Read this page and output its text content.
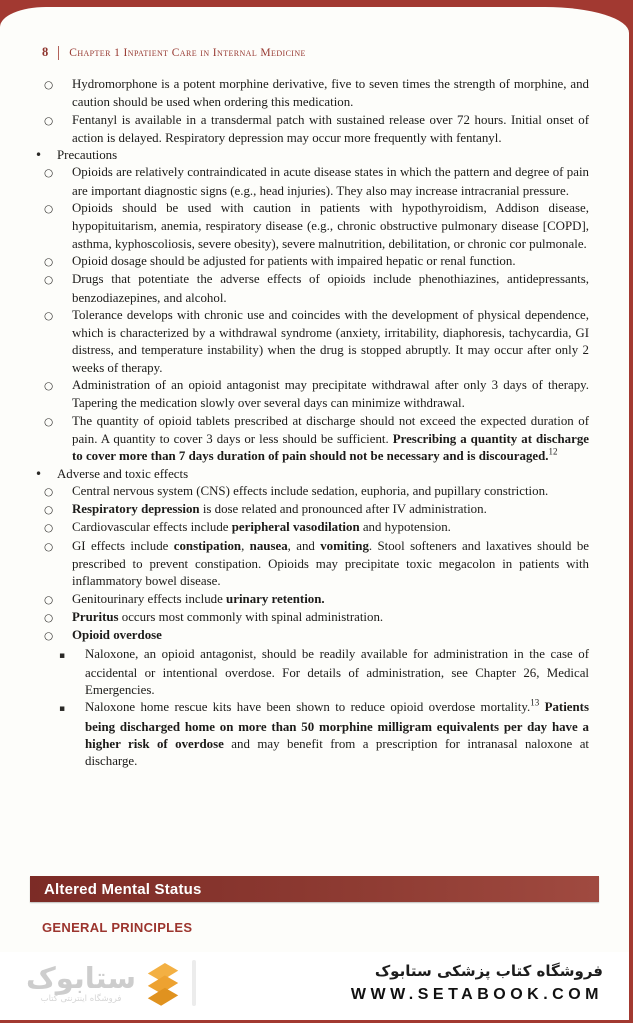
8 Chapter 1 Inpatient Care in Internal Medicine
○ Hydromorphone is a potent morphine derivative, five to seven times the strength of morphine, and caution should be used when ordering this medication.
○ Fentanyl is available in a transdermal patch with sustained release over 72 hours. Initial onset of action is delayed. Respiratory depression may occur more frequently with fentanyl.
• Precautions
○ Opioids are relatively contraindicated in acute disease states in which the pattern and degree of pain are important diagnostic signs (e.g., head injuries). They also may increase intracranial pressure.
○ Opioids should be used with caution in patients with hypothyroidism, Addison disease, hypopituitarism, anemia, respiratory disease (e.g., chronic obstructive pulmonary disease [COPD], asthma, kyphoscoliosis, severe obesity), severe malnutrition, debilitation, or chronic cor pulmonale.
○ Opioid dosage should be adjusted for patients with impaired hepatic or renal function.
○ Drugs that potentiate the adverse effects of opioids include phenothiazines, antidepressants, benzodiazepines, and alcohol.
○ Tolerance develops with chronic use and coincides with the development of physical dependence, which is characterized by a withdrawal syndrome (anxiety, irritability, diaphoresis, tachycardia, GI distress, and temperature instability) when the drug is stopped abruptly. It may occur after only 2 weeks of therapy.
○ Administration of an opioid antagonist may precipitate withdrawal after only 3 days of therapy. Tapering the medication slowly over several days can minimize withdrawal.
○ The quantity of opioid tablets prescribed at discharge should not exceed the expected duration of pain. A quantity to cover 3 days or less should be sufficient. Prescribing a quantity at discharge to cover more than 7 days duration of pain should not be necessary and is discouraged.$^{12}$
• Adverse and toxic effects
○ Central nervous system (CNS) effects include sedation, euphoria, and pupillary constriction.
○ Respiratory depression is dose related and pronounced after IV administration.
○ Cardiovascular effects include peripheral vasodilation and hypotension.
○ GI effects include constipation, nausea, and vomiting. Stool softeners and laxatives should be prescribed to prevent constipation. Opioids may precipitate toxic megacolon in patients with inflammatory bowel disease.
○ Genitourinary effects include urinary retention.
○ Pruritus occurs most commonly with spinal administration.
○ Opioid overdose
▪ Naloxone, an opioid antagonist, should be readily available for administration in the case of accidental or intentional overdose. For details of administration, see Chapter 26, Medical Emergencies.
▪ Naloxone home rescue kits have been shown to reduce opioid overdose mortality.$^{13}$ Patients being discharged home on more than 50 morphine milligram equivalents per day have a higher risk of overdose and may benefit from a prescription for intranasal naloxone at discharge.
Altered Mental Status
GENERAL PRINCIPLES
ستابوک
فروشگاه اینترنتی کتاب
فروشگاه کتاب پزشکی ستابوک
WWW.SETABOOK.COM
